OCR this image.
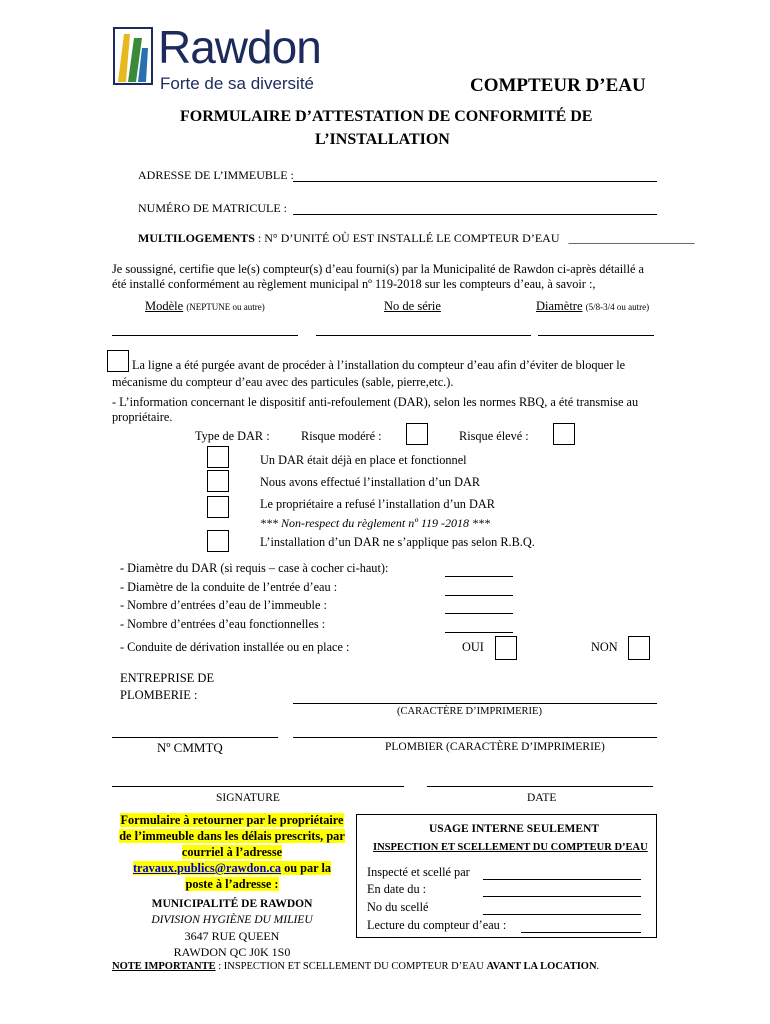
Rawdon
Forte de sa diversité	COMPTEUR D’EAU
FORMULAIRE D’ATTESTATION DE CONFORMITÉ DE
L’INSTALLATION
ADRESSE DE L’IMMEUBLE :
NUMÉRO DE MATRICULE :
MULTILOGEMENTS : N° D’UNITÉ OÙ EST INSTALLÉ LE COMPTEUR D’EAU _____________________
Je soussigné, certifie que le(s) compteur(s) d’eau fourni(s) par la Municipalité de Rawdon ci-après détaillé a
été installé conformément au règlement municipal nº 119-2018 sur les compteurs d’eau, à savoir :,
Modèle (NEPTUNE ou autre)	No de série	Diamètre (5/8-3/4 ou autre)
La ligne a été purgée avant de procéder à l’installation du compteur d’eau afin d’éviter de bloquer le
mécanisme du compteur d’eau avec des particules (sable, pierre,etc.).
- L’information concernant le dispositif anti-refoulement (DAR), selon les normes RBQ, a été transmise au
propriétaire.
Type de DAR :	Risque modéré :	Risque élevé :
Un DAR était déjà en place et fonctionnel
Nous avons effectué l’installation d’un DAR
Le propriétaire a refusé l’installation d’un DAR
*** Non-respect du règlement nº 119 -2018 ***
L’installation d’un DAR ne s’applique pas selon R.B.Q.
- Diamètre du DAR (si requis – case à cocher ci-haut):
- Diamètre de la conduite de l’entrée d’eau :
- Nombre d’entrées d’eau de l’immeuble :
- Nombre d’entrées d’eau fonctionnelles :
- Conduite de dérivation installée ou en place :	OUI	NON
ENTREPRISE DE
PLOMBERIE :
(CARACTÈRE D’IMPRIMERIE)
Nº CMMTQ	PLOMBIER (CARACTÈRE D’IMPRIMERIE)
SIGNATURE	DATE
Formulaire à retourner par le propriétaire
de l’immeuble dans les délais prescrits, par
courriel à l’adresse
travaux.publics@rawdon.ca ou par la
poste à l’adresse :
MUNICIPALITÉ DE RAWDON
DIVISION HYGIÈNE DU MILIEU
3647 RUE QUEEN
RAWDON QC J0K 1S0
USAGE INTERNE SEULEMENT
INSPECTION ET SCELLEMENT DU COMPTEUR D’EAU
Inspecté et scellé par
En date du :
No du scellé
Lecture du compteur d’eau :
NOTE IMPORTANTE : INSPECTION ET SCELLEMENT DU COMPTEUR D’EAU AVANT LA LOCATION.
